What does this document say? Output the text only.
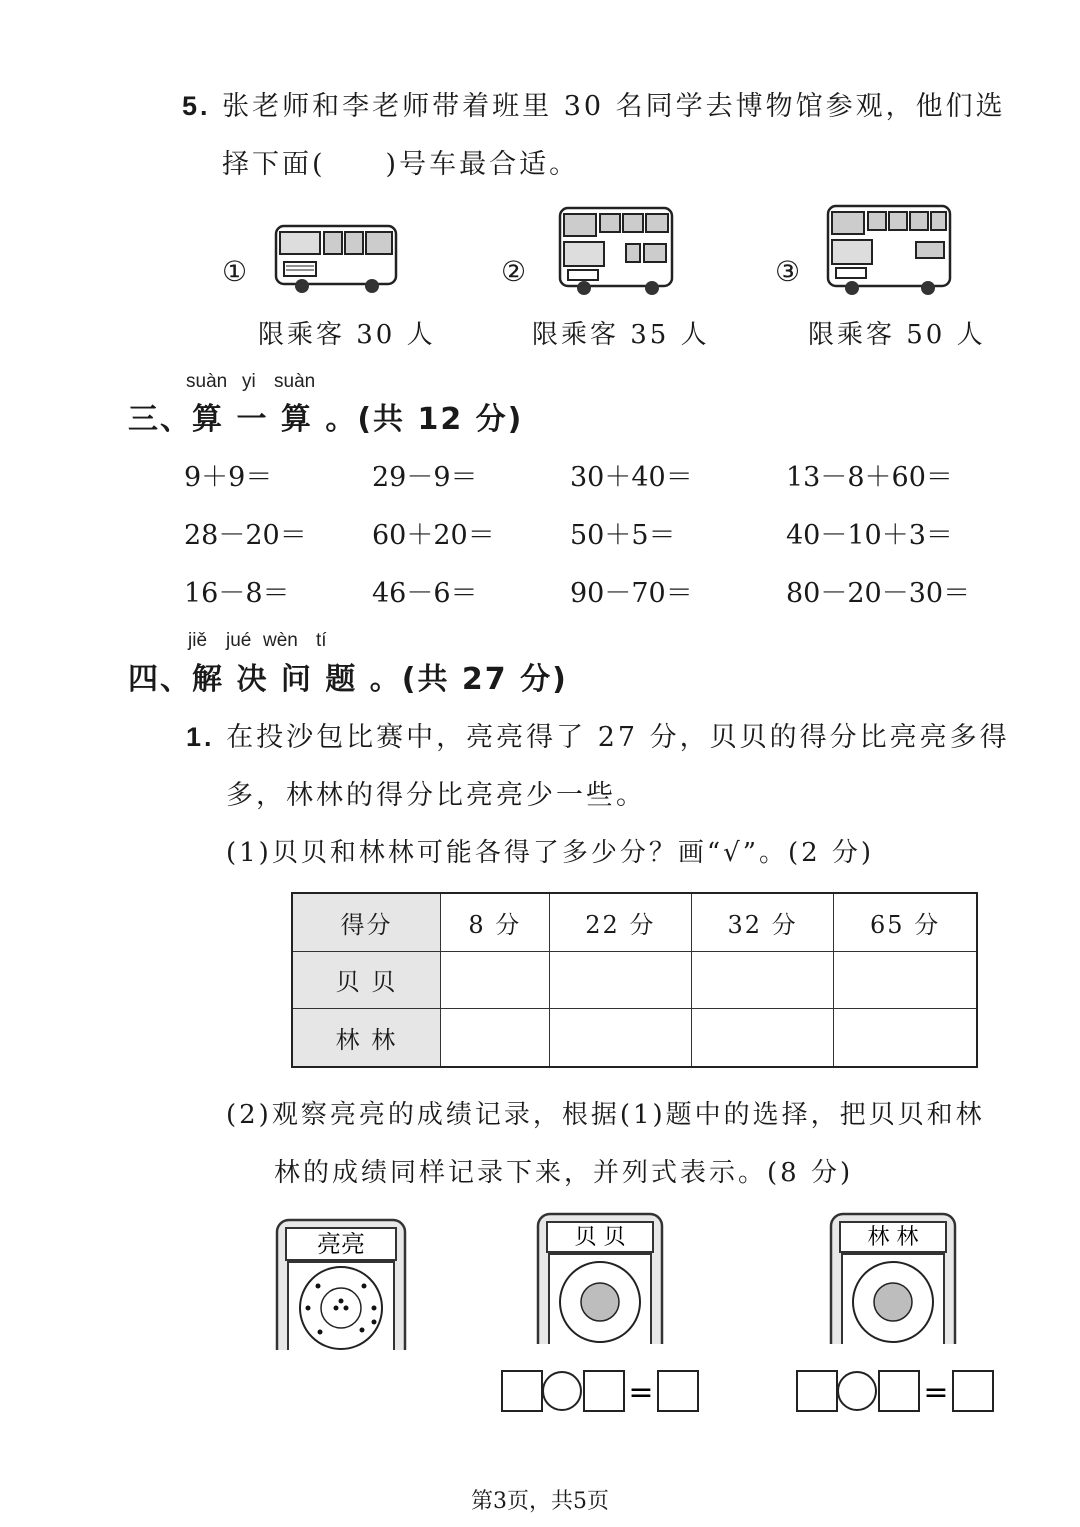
5. 张老师和李老师带着班里 30 名同学去博物馆参观，他们选
择下面(　　)号车最合适。
①
限乘客 30 人
②
限乘客 35 人
③
限乘客 50 人
suàn yi suàn
三、算 一 算 。(共 12 分)
9＋9＝	29－9＝	30＋40＝	13－8＋60＝
28－20＝ 60＋20＝	50＋5＝	40－10＋3＝
16－8＝	46－6＝	90－70＝	80－20－30＝
jiě jué wèn tí
四、解 决 问 题 。(共 27 分)
1. 在投沙包比赛中，亮亮得了 27 分，贝贝的得分比亮亮多得
多，林林的得分比亮亮少一些。
(1)贝贝和林林可能各得了多少分？画“√”。(2 分)
得分	8 分	22 分	32 分	65 分
贝 贝				
林 林				
(2)观察亮亮的成绩记录，根据(1)题中的选择，把贝贝和林
林的成绩同样记录下来，并列式表示。(8 分)
亮亮	贝 贝	林 林
=	=
第3页，共5页
